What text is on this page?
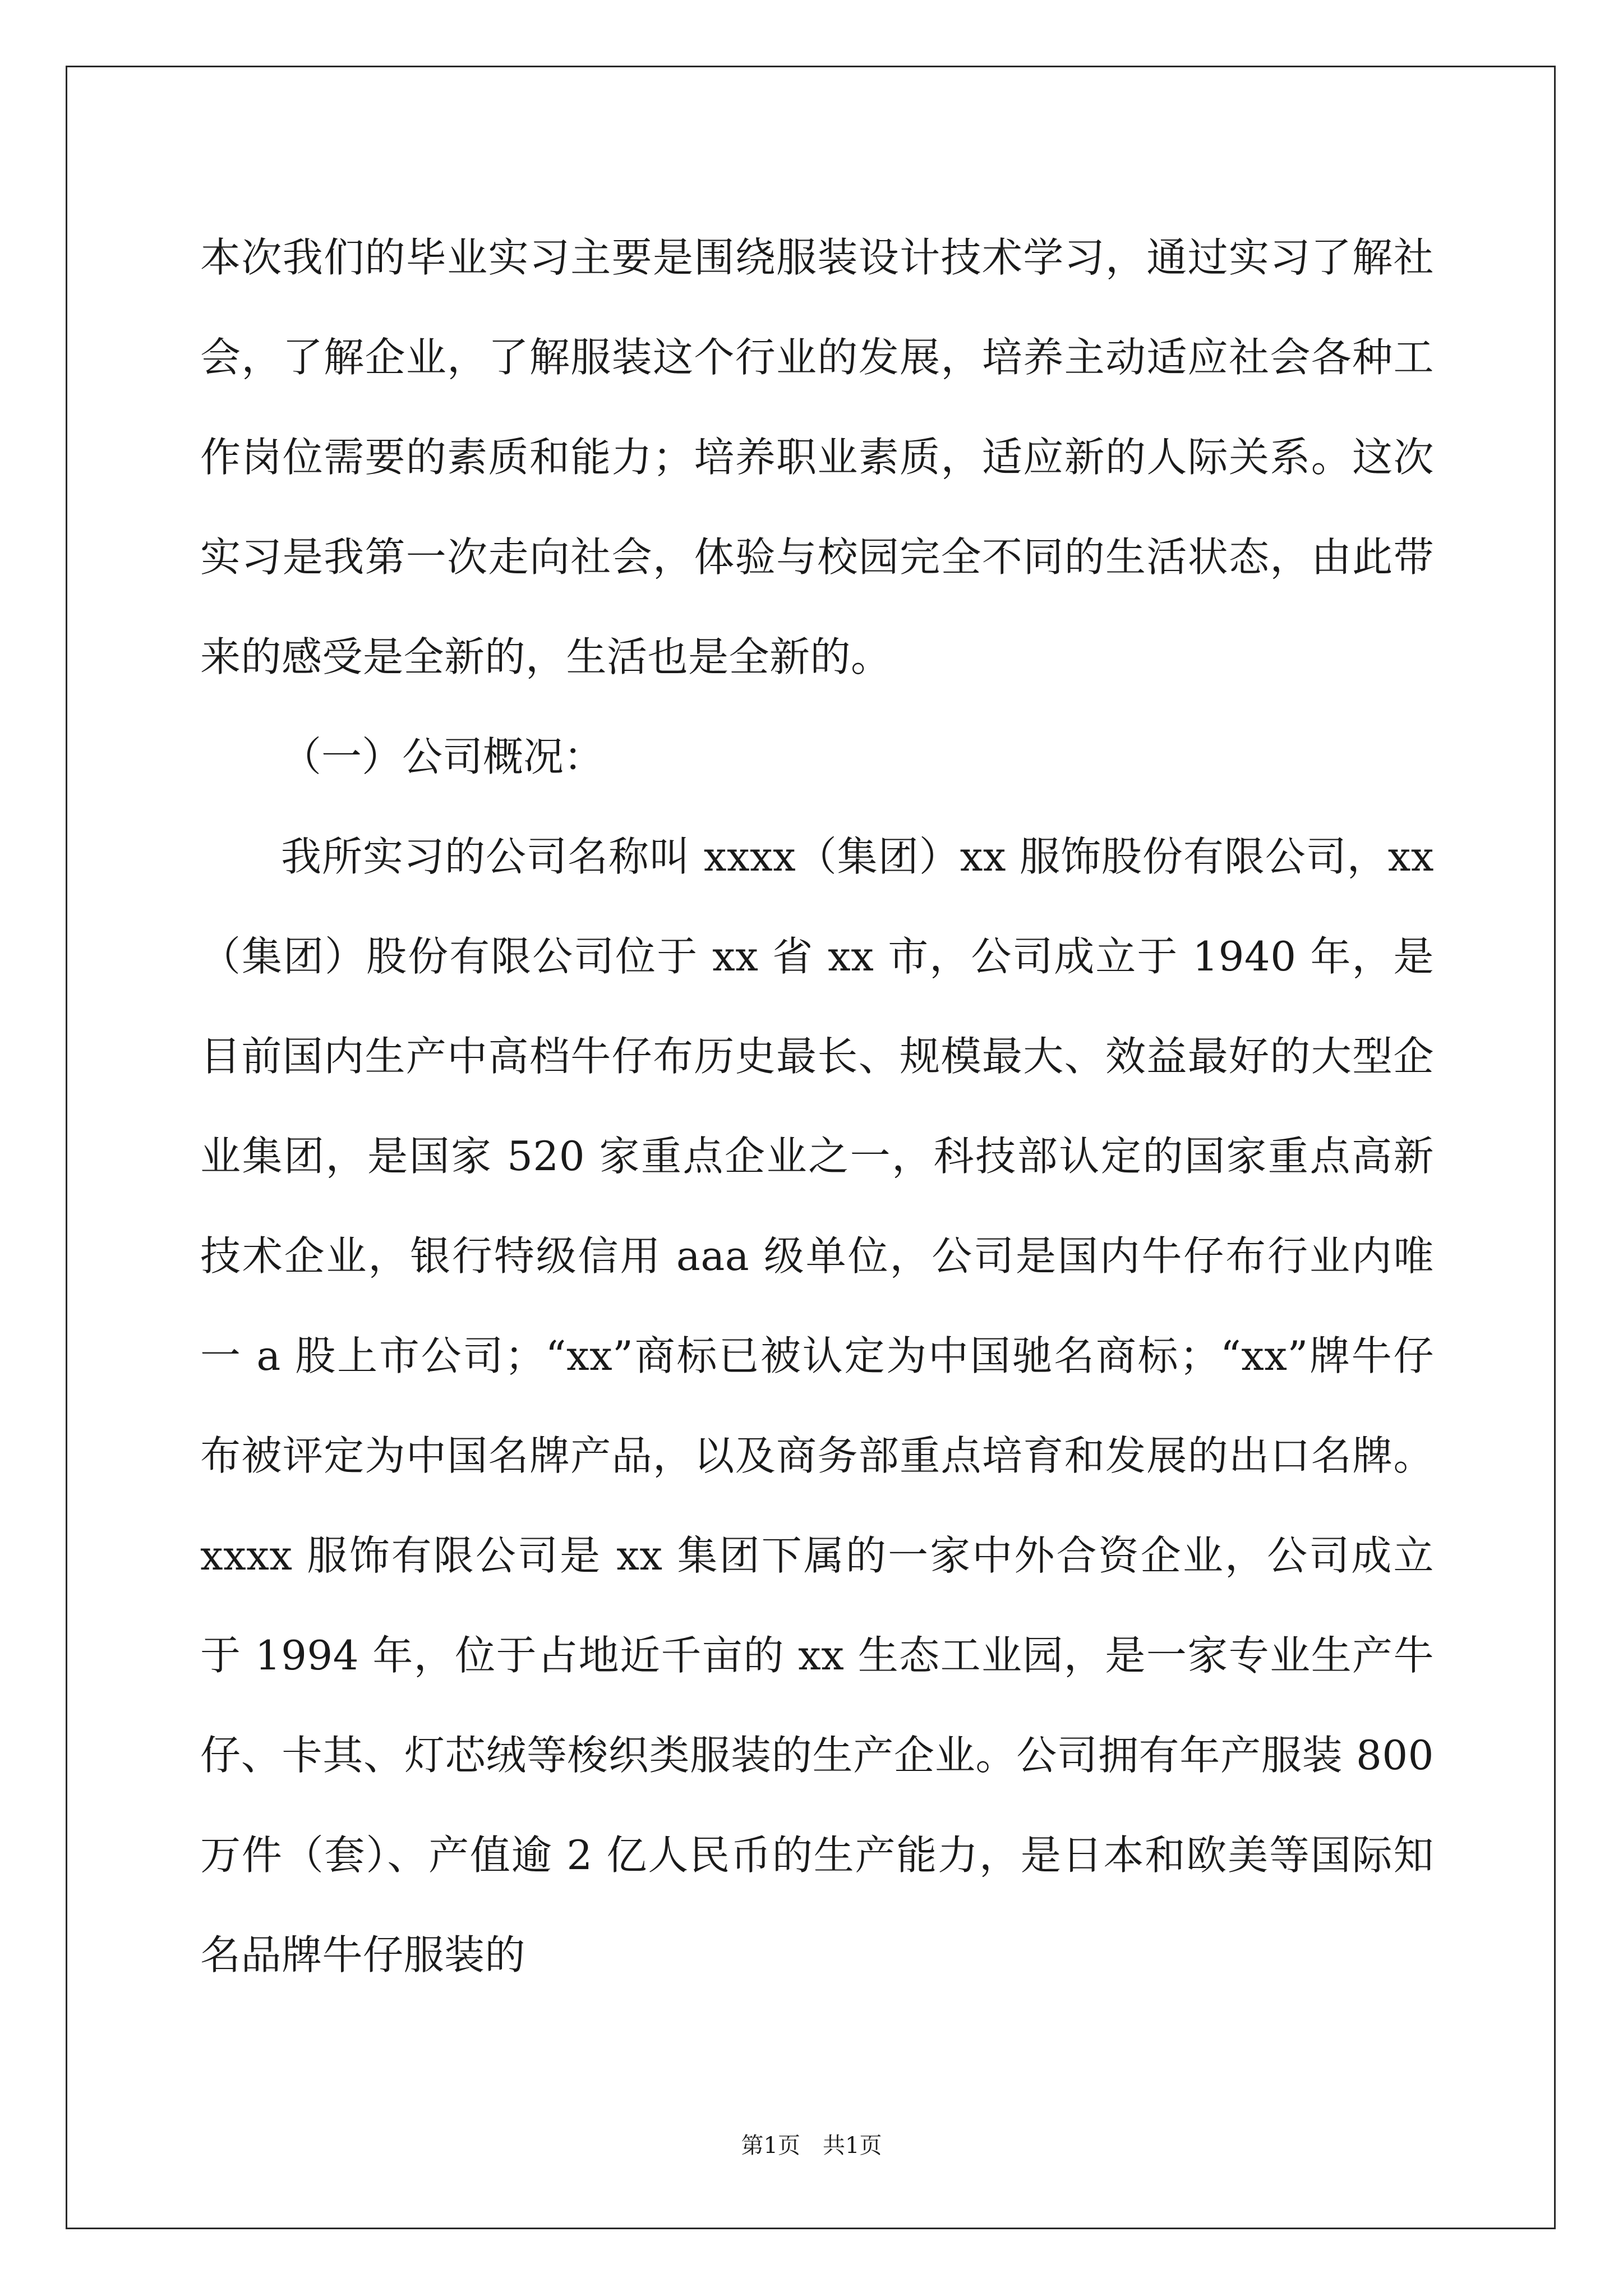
本次我们的毕业实习主要是围绕服装设计技术学习，通过实习了解社会，了解企业，了解服装这个行业的发展，培养主动适应社会各种工作岗位需要的素质和能力；培养职业素质，适应新的人际关系。这次实习是我第一次走向社会，体验与校园完全不同的生活状态，由此带来的感受是全新的，生活也是全新的。

（一）公司概况：

我所实习的公司名称叫 xxxx（集团）xx 服饰股份有限公司，xx（集团）股份有限公司位于 xx 省 xx 市，公司成立于 1940 年，是目前国内生产中高档牛仔布历史最长、规模最大、效益最好的大型企业集团，是国家 520 家重点企业之一，科技部认定的国家重点高新技术企业，银行特级信用 aaa 级单位，公司是国内牛仔布行业内唯一 a 股上市公司；“xx”商标已被认定为中国驰名商标；“xx”牌牛仔布被评定为中国名牌产品，以及商务部重点培育和发展的出口名牌。xxxx 服饰有限公司是 xx 集团下属的一家中外合资企业，公司成立于 1994 年，位于占地近千亩的 xx 生态工业园，是一家专业生产牛仔、卡其、灯芯绒等梭织类服装的生产企业。公司拥有年产服装 800 万件（套）、产值逾 2 亿人民币的生产能力，是日本和欧美等国际知名品牌牛仔服装的

第1页 共1页
